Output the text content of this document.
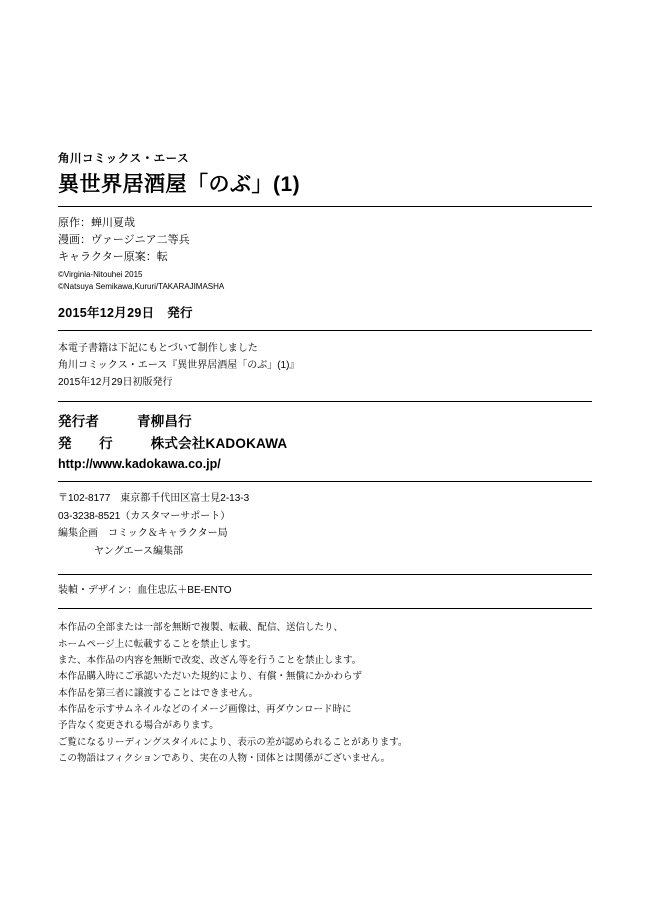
角川コミックス・エース
異世界居酒屋「のぶ」(1)
原作：蝉川夏哉
漫画：ヴァージニア二等兵
キャラクター原案：転
©Virginia-Nitouhei 2015
©Natsuya Semikawa,Kururi/TAKARAJIMASHA
2015年12月29日　発行
本電子書籍は下記にもとづいて制作しました
角川コミックス・エース『異世界居酒屋「のぶ」(1)』
2015年12月29日初版発行
発行者	青柳昌行
発　　行	株式会社KADOKAWA
http://www.kadokawa.co.jp/
〒102-8177　東京都千代田区富士見2-13-3
03-3238-8521（カスタマーサポート）
編集企画　コミック＆キャラクター局
ヤングエース編集部
装幀・デザイン：血住忠広＋BE-ENTO
本作品の全部または一部を無断で複製、転載、配信、送信したり、
ホームページ上に転載することを禁止します。
また、本作品の内容を無断で改変、改ざん等を行うことを禁止します。
本作品購入時にご承認いただいた規約により、有償・無償にかかわらず
本作品を第三者に譲渡することはできません。
本作品を示すサムネイルなどのイメージ画像は、再ダウンロード時に
予告なく変更される場合があります。
ご覧になるリーディングスタイルにより、表示の差が認められることがあります。
この物語はフィクションであり、実在の人物・団体とは関係がございません。
